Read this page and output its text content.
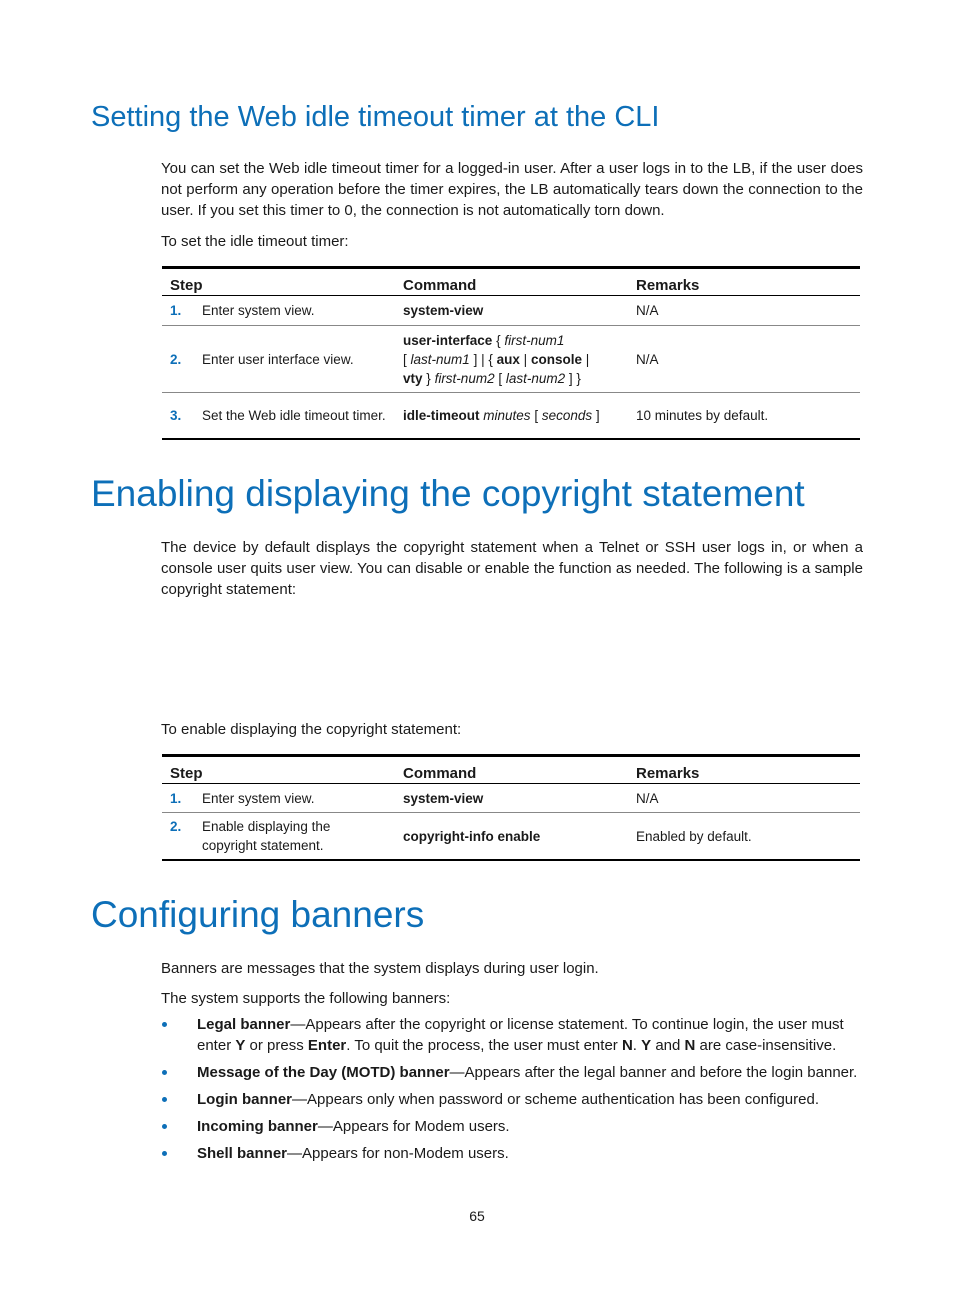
Setting the Web idle timeout timer at the CLI

You can set the Web idle timeout timer for a logged-in user. After a user logs in to the LB, if the user does not perform any operation before the timer expires, the LB automatically tears down the connection to the user. If you set this timer to 0, the connection is not automatically torn down.

To set the idle timeout timer:

Step	Command	Remarks

1. Enter system view.	system-view	N/A

2. Enter user interface view.	user-interface { first-num1
[ last-num1 ] | { aux | console |
vty } first-num2 [ last-num2 ] }	N/A

3. Set the Web idle timeout timer.	idle-timeout minutes [ seconds ]	10 minutes by default.
Enabling displaying the copyright statement

The device by default displays the copyright statement when a Telnet or SSH user logs in, or when a console user quits user view. You can disable or enable the function as needed. The following is a sample copyright statement:

To enable displaying the copyright statement:

Step	Command	Remarks

1. Enter system view.	system-view	N/A

2. Enable displaying the copyright statement.	copyright-info enable	Enabled by default.
Configuring banners

Banners are messages that the system displays during user login.

The system supports the following banners:

Legal banner—Appears after the copyright or license statement. To continue login, the user must enter Y or press Enter. To quit the process, the user must enter N. Y and N are case-insensitive.
Message of the Day (MOTD) banner—Appears after the legal banner and before the login banner.
Login banner—Appears only when password or scheme authentication has been configured.
Incoming banner—Appears for Modem users.
Shell banner—Appears for non-Modem users.

65
